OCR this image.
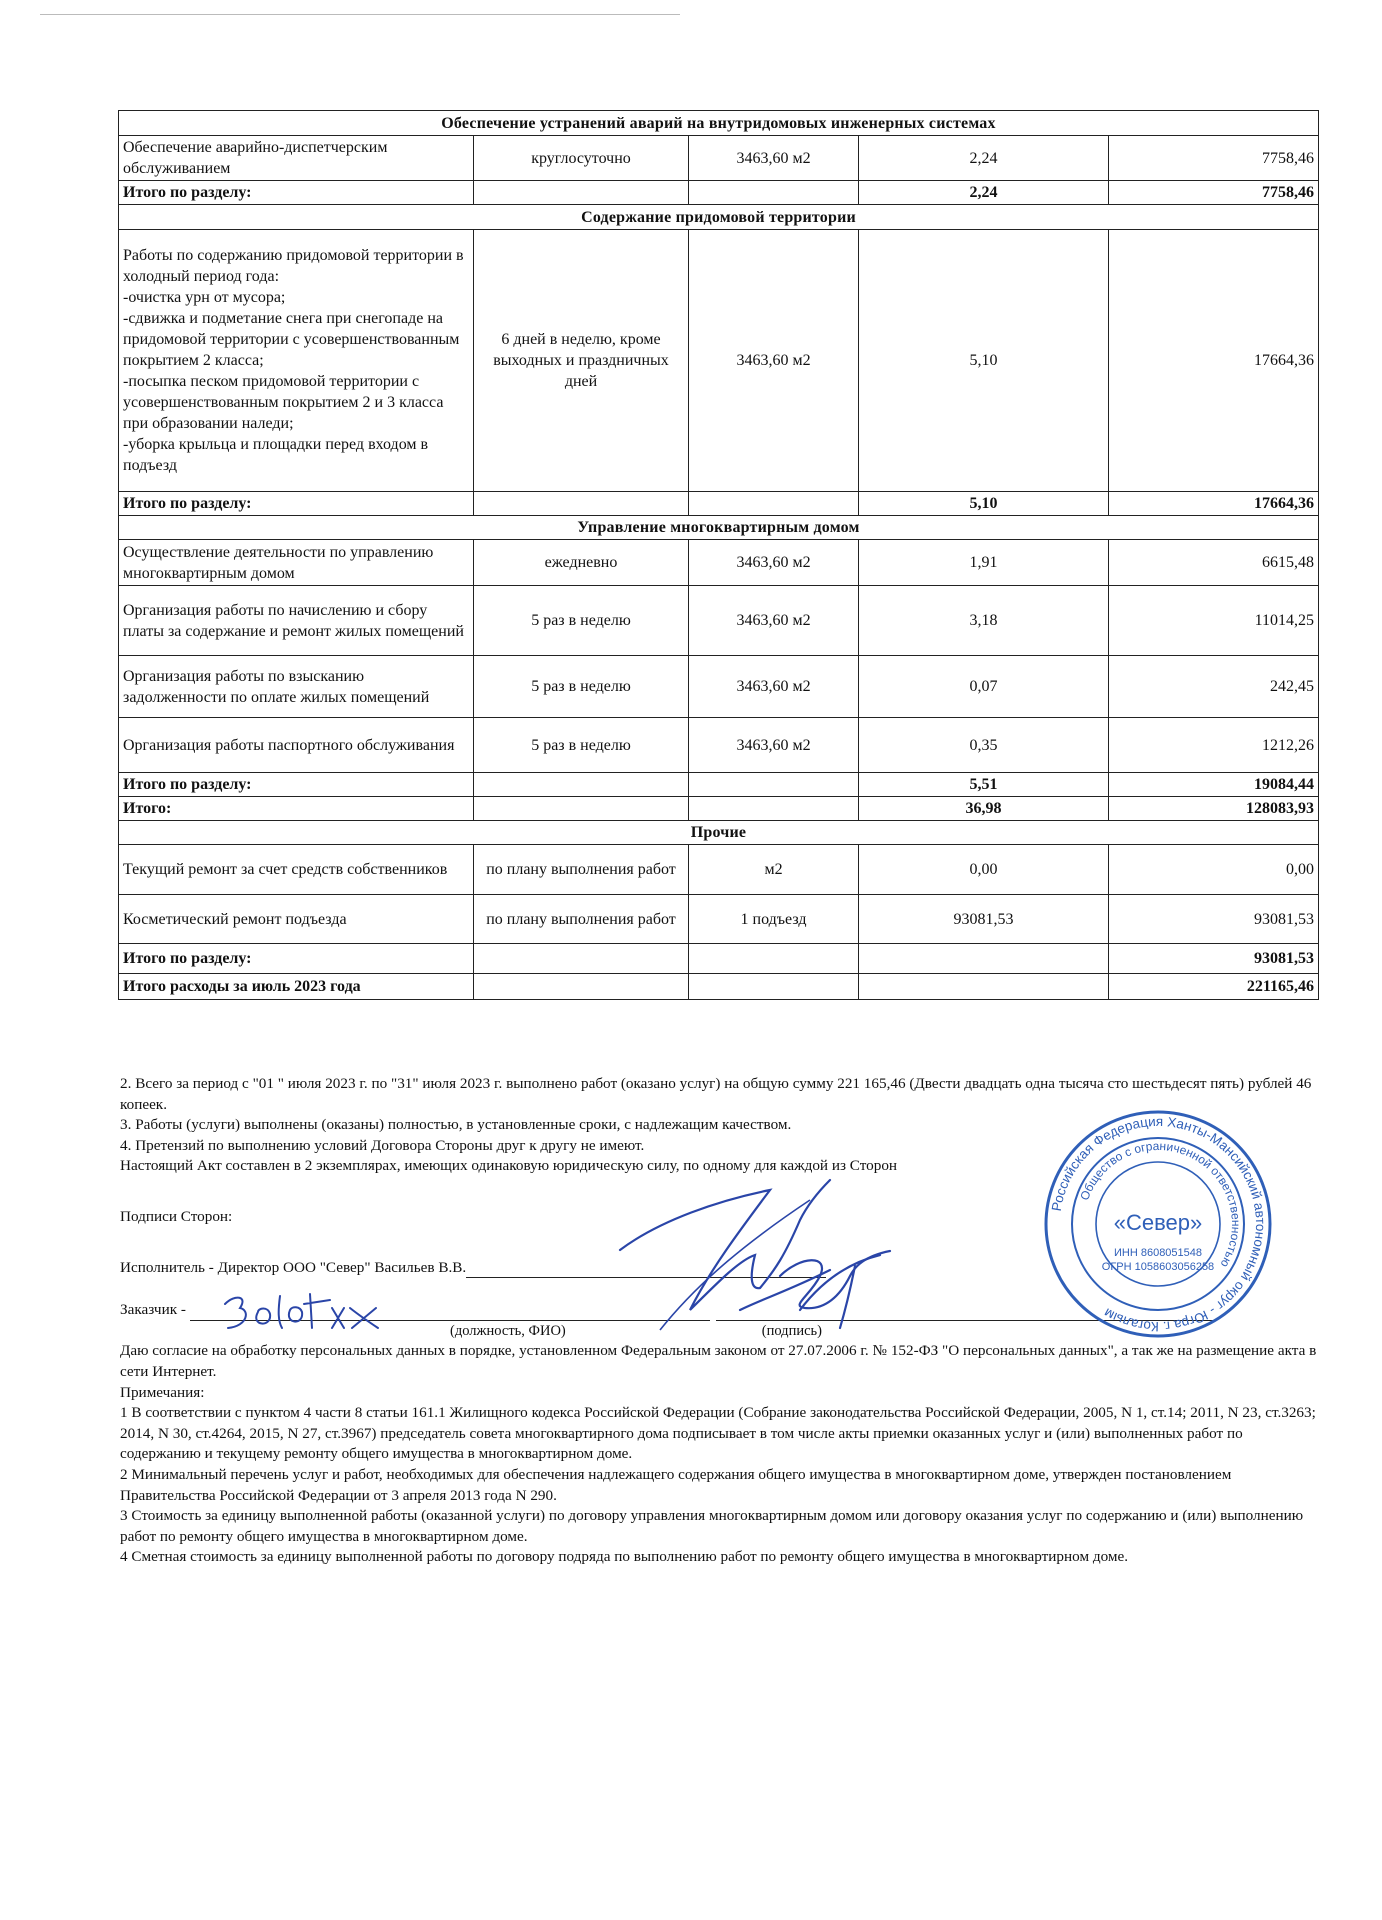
Обеспечение устранений аварий на внутридомовых инженерных системах				
Обеспечение аварийно-диспетчерским обслуживанием	круглосуточно	3463,60 м2	2,24	7758,46
Итого по разделу:			2,24	7758,46
Содержание придомовой территории				
Работы по содержанию придомовой территории в холодный период года:
-очистка урн от мусора;
-сдвижка и подметание снега при снегопаде на придомовой территории с усовершенствованным покрытием 2 класса;
-посыпка песком придомовой территории с усовершенствованным покрытием 2 и 3 класса при образовании наледи;
-уборка крыльца и площадки перед входом в подъезд	6 дней в неделю, кроме выходных и праздничных дней	3463,60 м2	5,10	17664,36
Итого по разделу:			5,10	17664,36
Управление многоквартирным домом				
Осуществление деятельности по управлению многоквартирным домом	ежедневно	3463,60 м2	1,91	6615,48
Организация работы по начислению и сбору платы за содержание и ремонт жилых помещений	5 раз в неделю	3463,60 м2	3,18	11014,25
Организация работы по взысканию задолженности по оплате жилых помещений	5 раз в неделю	3463,60 м2	0,07	242,45
Организация работы паспортного обслуживания	5 раз в неделю	3463,60 м2	0,35	1212,26
Итого по разделу:			5,51	19084,44
Итого:			36,98	128083,93
Прочие				
Текущий ремонт за счет средств собственников	по плану выполнения работ	м2	0,00	0,00
Косметический ремонт подъезда	по плану выполнения работ	1 подъезд	93081,53	93081,53
Итого по разделу:				93081,53
Итого расходы за июль 2023 года				221165,46

2. Всего за период с "01 " июля 2023 г. по "31" июля 2023 г. выполнено работ (оказано услуг) на общую сумму 221 165,46 (Двести двадцать одна тысяча сто шестьдесят пять) рублей 46 копеек.

3. Работы (услуги) выполнены (оказаны) полностью, в установленные сроки, с надлежащим качеством.

4. Претензий по выполнению условий Договора Стороны друг к другу не имеют.

Настоящий Акт составлен в 2 экземплярах, имеющих одинаковую юридическую силу, по одному для каждой из Сторон

Подписи Сторон:

Исполнитель - Директор ООО "Север" Васильев В.В.

Заказчик -

(должность, ФИО)	(подпись)

Даю согласие на обработку персональных данных в порядке, установленном Федеральным законом от 27.07.2006 г. № 152-ФЗ "О персональных данных", а так же на размещение акта в сети Интернет.

Примечания:

1 В соответствии с пунктом 4 части 8 статьи 161.1 Жилищного кодекса Российской Федерации (Собрание законодательства Российской Федерации, 2005, N 1, ст.14; 2011, N 23, ст.3263; 2014, N 30, ст.4264, 2015, N 27, ст.3967) председатель совета многоквартирного дома подписывает в том числе акты приемки оказанных услуг и (или) выполненных работ по содержанию и текущему ремонту общего имущества в многоквартирном доме.

2 Минимальный перечень услуг и работ, необходимых для обеспечения надлежащего содержания общего имущества в многоквартирном доме, утвержден постановлением Правительства Российской Федерации от 3 апреля 2013 года N 290.

3 Стоимость за единицу выполненной работы (оказанной услуги) по договору управления многоквартирным домом или договору оказания услуг по содержанию и (или) выполнению работ по ремонту общего имущества в многоквартирном доме.

4 Сметная стоимость за единицу выполненной работы по договору подряда по выполнению работ по ремонту общего имущества в многоквартирном доме.

Российская Федерация Ханты-Мансийский автономный округ - Югра г. Когалым
Общество с ограниченной ответственностью
«Север»
ИНН 8608051548
ОГРН 1058603056258
